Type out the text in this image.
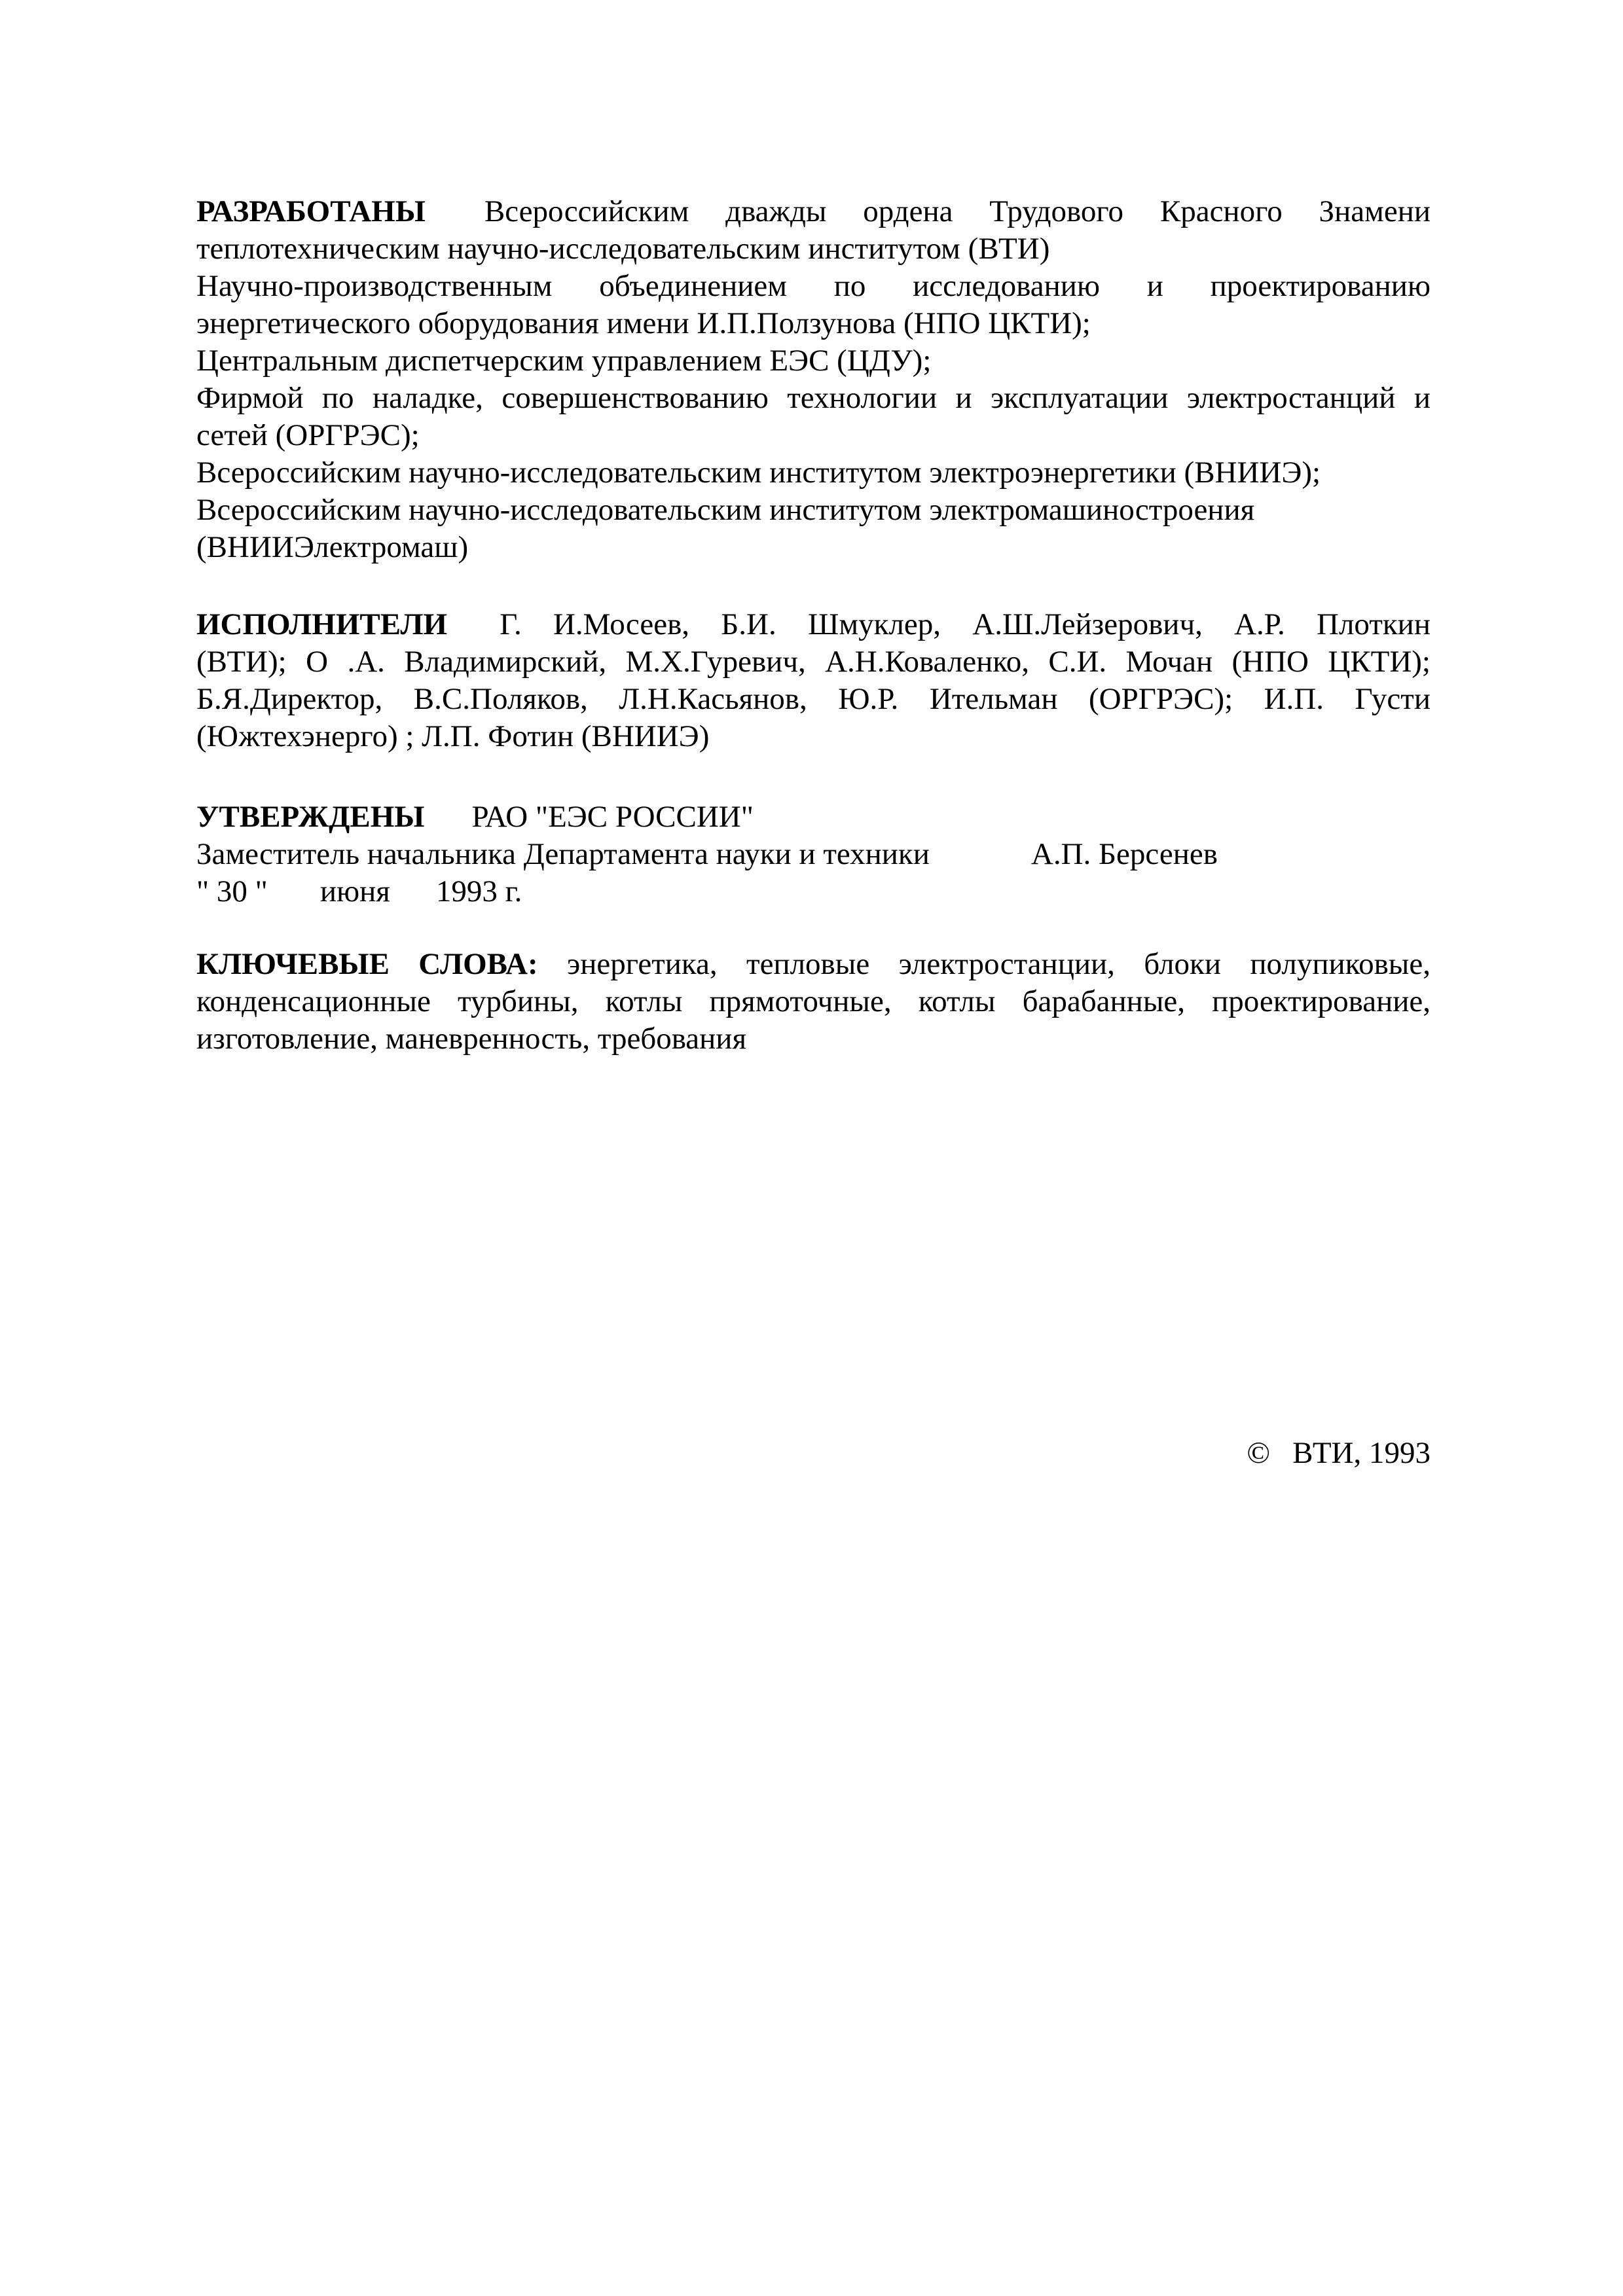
РАЗРАБОТАНЫ Всероссийским дважды ордена Трудового Красного Знамени
теплотехническим научно-исследовательским институтом (ВТИ)
Научно-производственным объединением по исследованию и проектированию
энергетического оборудования имени И.П.Ползунова (НПО ЦКТИ);
Центральным диспетчерским управлением ЕЭС (ЦДУ);
Фирмой по наладке, совершенствованию технологии и эксплуатации электростанций и
сетей (ОРГРЭС);
Всероссийским научно-исследовательским институтом электроэнергетики (ВНИИЭ);
Всероссийским научно-исследовательским институтом электромашиностроения
(ВНИИЭлектромаш)
ИСПОЛНИТЕЛИ Г. И.Мосеев, Б.И. Шмуклер, А.Ш.Лейзерович, А.Р. Плоткин
(ВТИ); О .А. Владимирский, М.Х.Гуревич, А.Н.Коваленко, С.И. Мочан (НПО ЦКТИ);
Б.Я.Директор, В.С.Поляков, Л.Н.Касьянов, Ю.Р. Ительман (ОРГРЭС); И.П. Густи
(Южтехэнерго) ; Л.П. Фотин (ВНИИЭ)
УТВЕРЖДЕНЫ РАО "ЕЭС РОССИИ"
Заместитель начальника Департамента науки и техники	А.П. Берсенев
" 30 " июня 1993 г.
КЛЮЧЕВЫЕ СЛОВА: энергетика, тепловые электростанции, блоки полупиковые,
конденсационные турбины, котлы прямоточные, котлы барабанные, проектирование,
изготовление, маневренность, требования
© ВТИ, 1993
